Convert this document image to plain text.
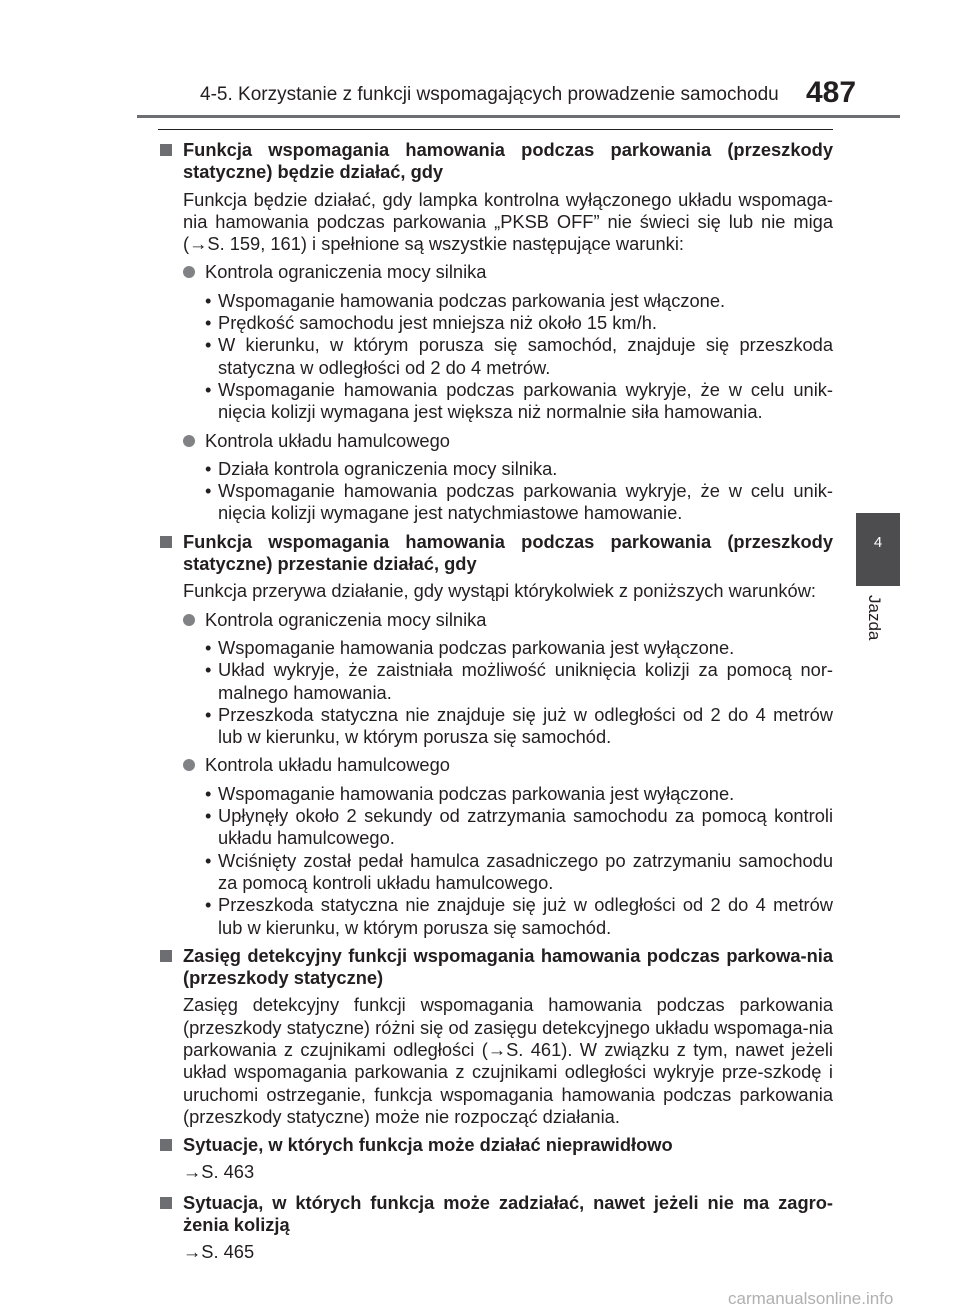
4-5. Korzystanie z funkcji wspomagających prowadzenie samochodu 487
4
Jazda
Funkcja wspomagania hamowania podczas parkowania (przeszkody statyczne) będzie działać, gdy
Funkcja będzie działać, gdy lampka kontrolna wyłączonego układu wspomaga-nia hamowania podczas parkowania „PKSB OFF” nie świeci się lub nie miga (→S. 159, 161) i spełnione są wszystkie następujące warunki:
Kontrola ograniczenia mocy silnika
• Wspomaganie hamowania podczas parkowania jest włączone.
• Prędkość samochodu jest mniejsza niż około 15 km/h.
• W kierunku, w którym porusza się samochód, znajduje się przeszkoda statyczna w odległości od 2 do 4 metrów.
• Wspomaganie hamowania podczas parkowania wykryje, że w celu unik-nięcia kolizji wymagana jest większa niż normalnie siła hamowania.
Kontrola układu hamulcowego
• Działa kontrola ograniczenia mocy silnika.
• Wspomaganie hamowania podczas parkowania wykryje, że w celu unik-nięcia kolizji wymagane jest natychmiastowe hamowanie.
Funkcja wspomagania hamowania podczas parkowania (przeszkody statyczne) przestanie działać, gdy
Funkcja przerywa działanie, gdy wystąpi którykolwiek z poniższych warunków:
Kontrola ograniczenia mocy silnika
• Wspomaganie hamowania podczas parkowania jest wyłączone.
• Układ wykryje, że zaistniała możliwość uniknięcia kolizji za pomocą nor-malnego hamowania.
• Przeszkoda statyczna nie znajduje się już w odległości od 2 do 4 metrów lub w kierunku, w którym porusza się samochód.
Kontrola układu hamulcowego
• Wspomaganie hamowania podczas parkowania jest wyłączone.
• Upłynęły około 2 sekundy od zatrzymania samochodu za pomocą kontroli układu hamulcowego.
• Wciśnięty został pedał hamulca zasadniczego po zatrzymaniu samochodu za pomocą kontroli układu hamulcowego.
• Przeszkoda statyczna nie znajduje się już w odległości od 2 do 4 metrów lub w kierunku, w którym porusza się samochód.
Zasięg detekcyjny funkcji wspomagania hamowania podczas parkowa-nia (przeszkody statyczne)
Zasięg detekcyjny funkcji wspomagania hamowania podczas parkowania (przeszkody statyczne) różni się od zasięgu detekcyjnego układu wspomaga-nia parkowania z czujnikami odległości (→S. 461). W związku z tym, nawet jeżeli układ wspomagania parkowania z czujnikami odległości wykryje prze-szkodę i uruchomi ostrzeganie, funkcja wspomagania hamowania podczas parkowania (przeszkody statyczne) może nie rozpocząć działania.
Sytuacje, w których funkcja może działać nieprawidłowo
→S. 463
Sytuacja, w których funkcja może zadziałać, nawet jeżeli nie ma zagro-żenia kolizją
→S. 465
carmanualsonline.info
